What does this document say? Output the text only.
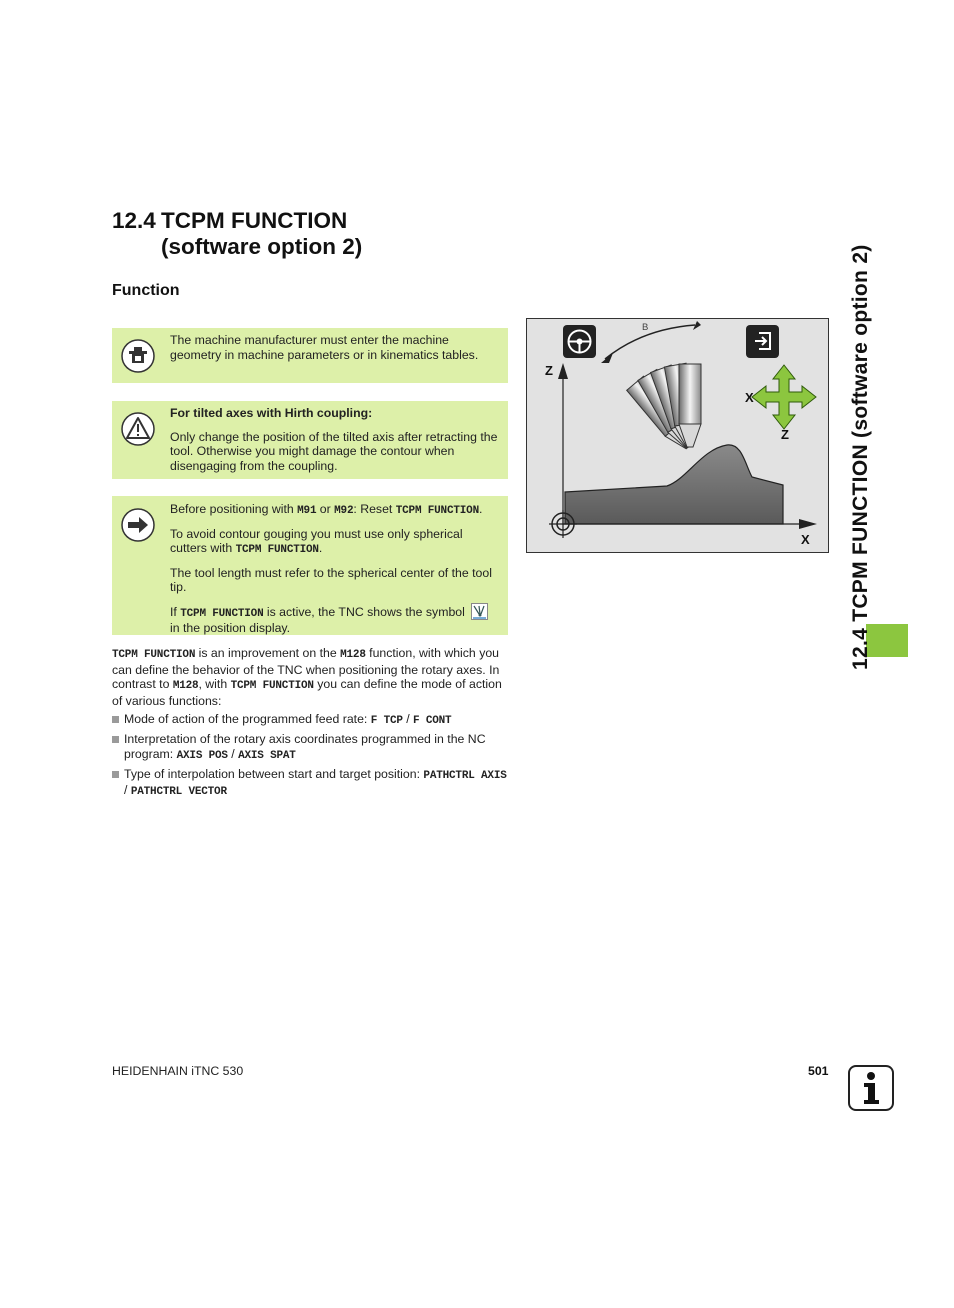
12.4 TCPM FUNCTION
(software option 2)
Function
The machine manufacturer must enter the machine geometry in machine parameters or in kinematics tables.

For tilted axes with Hirth coupling:

Only change the position of the tilted axis after retracting the tool. Otherwise you might damage the contour when disengaging from the coupling.

Before positioning with M91 or M92: Reset TCPM FUNCTION.

To avoid contour gouging you must use only spherical cutters with TCPM FUNCTION.

The tool length must refer to the spherical center of the tool tip.

If TCPM FUNCTION is active, the TNC shows the symbol
in the position display.

TCPM FUNCTION is an improvement on the M128 function, with which you can define the behavior of the TNC when positioning the rotary axes. In contrast to M128, with TCPM FUNCTION you can define the mode of action of various functions:

Mode of action of the programmed feed rate: F TCP / F CONT
Interpretation of the rotary axis coordinates programmed in the NC program: AXIS POS / AXIS SPAT
Type of interpolation between start and target position: PATHCTRL AXIS / PATHCTRL VECTOR
Z
X
B
X
Z	12.4 TCPM FUNCTION (software option 2)
HEIDENHAIN iTNC 530	501
